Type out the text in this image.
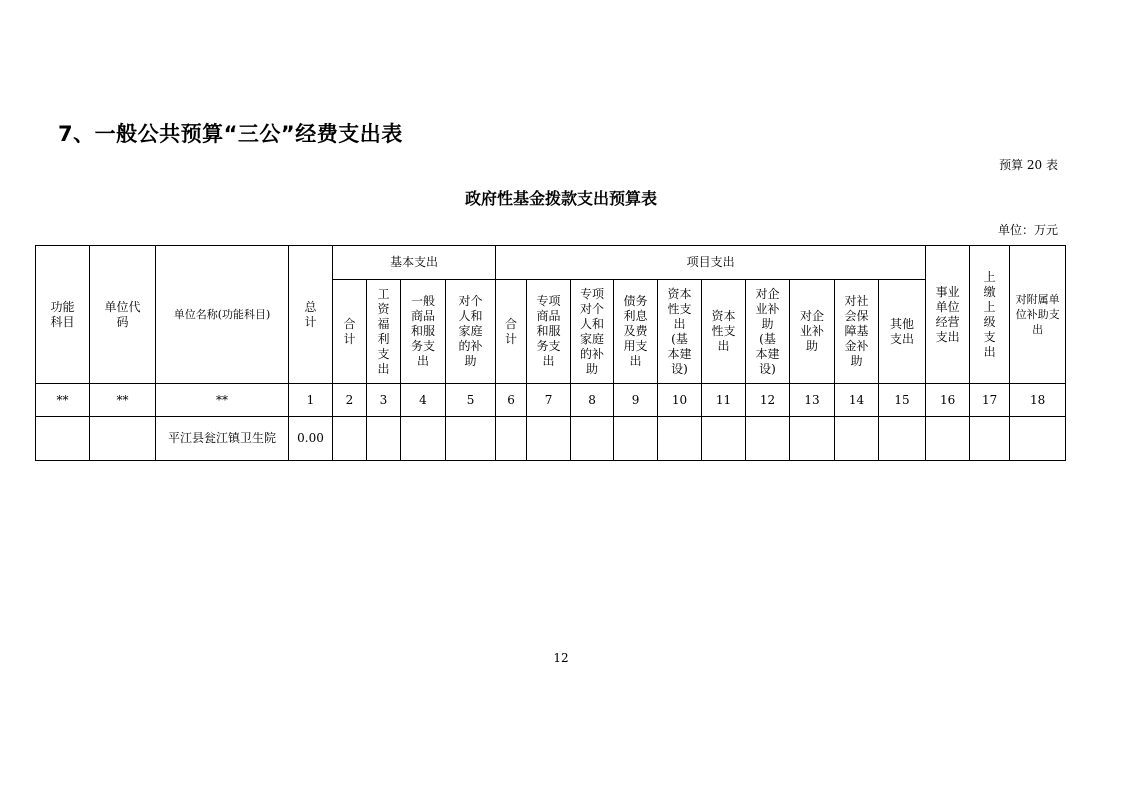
7、一般公共预算“三公”经费支出表
预算 20 表
政府性基金拨款支出预算表
单位：万元
功能科目	单位代码	单位名称(功能科目)	总计	基本支出				项目支出										事业单位经营支出	上缴上级支出	对附属单位补助支出
				合计	工资福利支出	一般商品和服务支出	对个人和家庭的补助	合计	专项商品和服务支出	专项对个人和家庭的补助	债务利息及费用支出	资本性支出(基本建设)	资本性支出	对企业补助(基本建设)	对企业补助	对社会保障基金补助	其他支出			
**	**	**	1	2	3	4	5	6	7	8	9	10	11	12	13	14	15	16	17	18
		平江县瓮江镇卫生院	0.00																	
12
